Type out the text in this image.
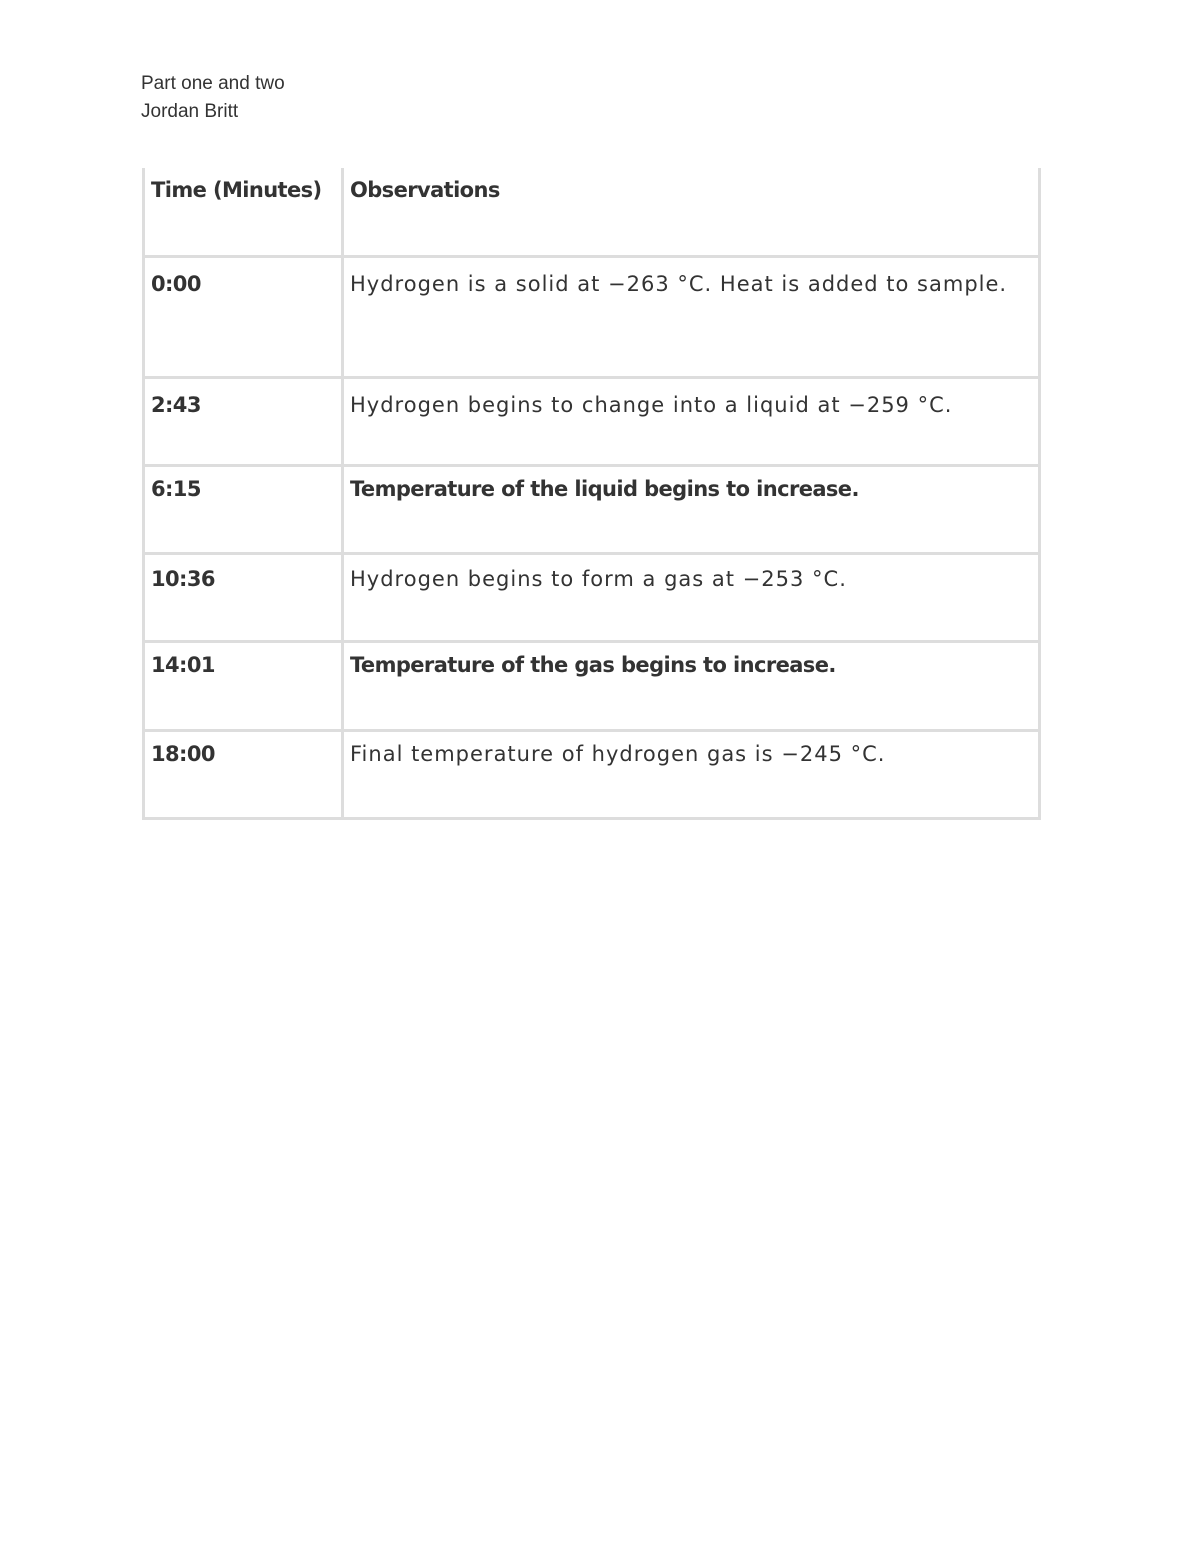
Part one and two
Jordan Britt
Time (Minutes)	Observations

0:00	Hydrogen is a solid at −263 °C. Heat is added to sample.

2:43	Hydrogen begins to change into a liquid at −259 °C.

6:15	Temperature of the liquid begins to increase.

10:36	Hydrogen begins to form a gas at −253 °C.

14:01	Temperature of the gas begins to increase.

18:00	Final temperature of hydrogen gas is −245 °C.
